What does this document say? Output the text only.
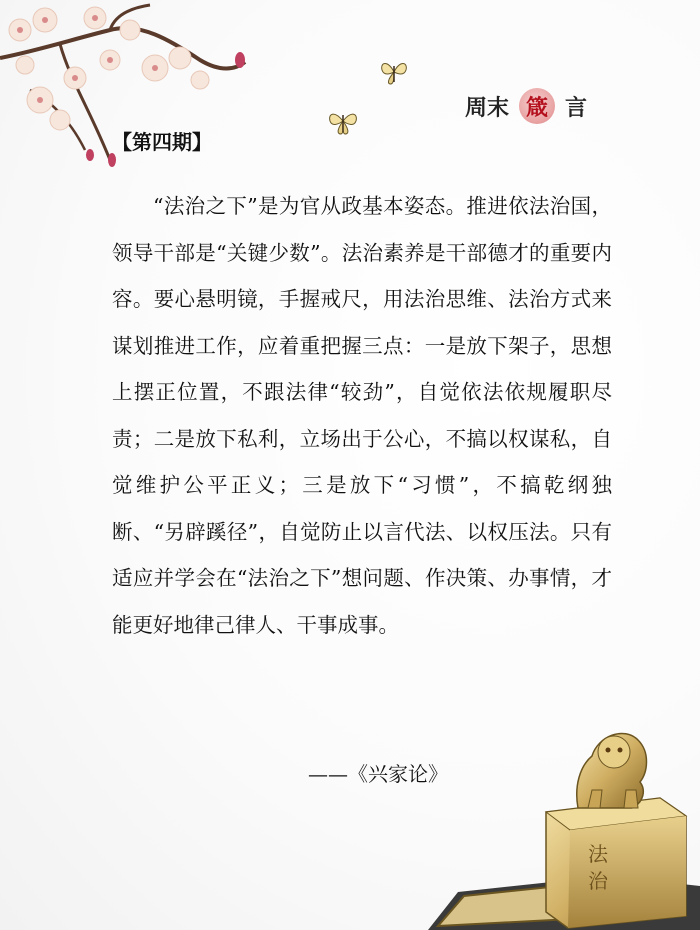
周末 箴 言
【第四期】

“法治之下”是为官从政基本姿态。推进依法治国，领导干部是“关键少数”。法治素养是干部德才的重要内容。要心悬明镜，手握戒尺，用法治思维、法治方式来谋划推进工作，应着重把握三点：一是放下架子，思想上摆正位置，不跟法律“较劲”，自觉依法依规履职尽责；二是放下私利，立场出于公心，不搞以权谋私，自觉维护公平正义；三是放下“习惯”，不搞乾纲独断、“另辟蹊径”，自觉防止以言代法、以权压法。只有适应并学会在“法治之下”想问题、作决策、办事情，才能更好地律己律人、干事成事。

——《兴家论》
法
治
